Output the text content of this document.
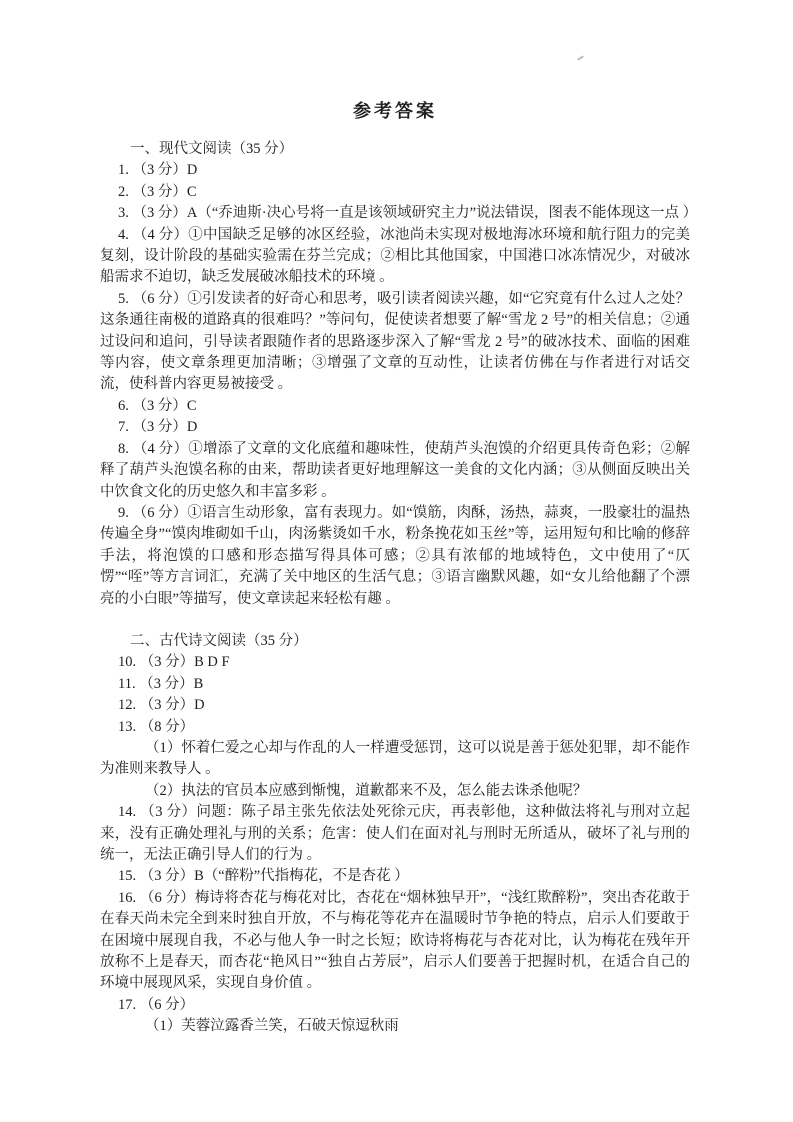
参考答案

一、现代文阅读（35 分）

1. （3 分）D

2. （3 分）C

3. （3 分）A（“乔迪斯·决心号将一直是该领域研究主力”说法错误，图表不能体现这一点 ）

4. （4 分）①中国缺乏足够的冰区经验，冰池尚未实现对极地海冰环境和航行阻力的完美复刻，设计阶段的基础实验需在芬兰完成；②相比其他国家，中国港口冰冻情况少，对破冰船需求不迫切，缺乏发展破冰船技术的环境 。

5. （6 分）①引发读者的好奇心和思考，吸引读者阅读兴趣，如“它究竟有什么过人之处？这条通往南极的道路真的很难吗？”等问句，促使读者想要了解“雪龙 2 号”的相关信息；②通过设问和追问，引导读者跟随作者的思路逐步深入了解“雪龙 2 号”的破冰技术、面临的困难等内容，使文章条理更加清晰；③增强了文章的互动性，让读者仿佛在与作者进行对话交流，使科普内容更易被接受 。

6. （3 分）C

7. （3 分）D

8. （4 分）①增添了文章的文化底蕴和趣味性，使葫芦头泡馍的介绍更具传奇色彩；②解释了葫芦头泡馍名称的由来，帮助读者更好地理解这一美食的文化内涵；③从侧面反映出关中饮食文化的历史悠久和丰富多彩 。

9. （6 分）①语言生动形象，富有表现力。如“馍筋，肉酥，汤热，蒜爽，一股豪壮的温热传遍全身”“馍肉堆砌如千山，肉汤紫烫如千水，粉条挽花如玉丝”等，运用短句和比喻的修辞手法，将泡馍的口感和形态描写得具体可感；②具有浓郁的地域特色，文中使用了“仄愣”“咥”等方言词汇，充满了关中地区的生活气息；③语言幽默风趣，如“女儿给他翻了个漂亮的小白眼”等描写，使文章读起来轻松有趣 。

二、古代诗文阅读（35 分）

10. （3 分）B D F

11. （3 分）B

12. （3 分）D

13. （8 分）

（1）怀着仁爱之心却与作乱的人一样遭受惩罚，这可以说是善于惩处犯罪，却不能作为准则来教导人 。

（2）执法的官员本应感到惭愧，道歉都来不及，怎么能去诛杀他呢？

14. （3 分）问题：陈子昂主张先依法处死徐元庆，再表彰他，这种做法将礼与刑对立起来，没有正确处理礼与刑的关系；危害：使人们在面对礼与刑时无所适从，破坏了礼与刑的统一，无法正确引导人们的行为 。

15. （3 分）B（“醉粉”代指梅花，不是杏花 ）

16. （6 分）梅诗将杏花与梅花对比，杏花在“烟林独早开”，“浅红欺醉粉”，突出杏花敢于在春天尚未完全到来时独自开放，不与梅花等花卉在温暖时节争艳的特点，启示人们要敢于在困境中展现自我，不必与他人争一时之长短；欧诗将梅花与杏花对比，认为梅花在残年开放称不上是春天，而杏花“艳风日”“独自占芳辰”，启示人们要善于把握时机，在适合自己的环境中展现风采，实现自身价值 。

17. （6 分）

（1）芙蓉泣露香兰笑，石破天惊逗秋雨
